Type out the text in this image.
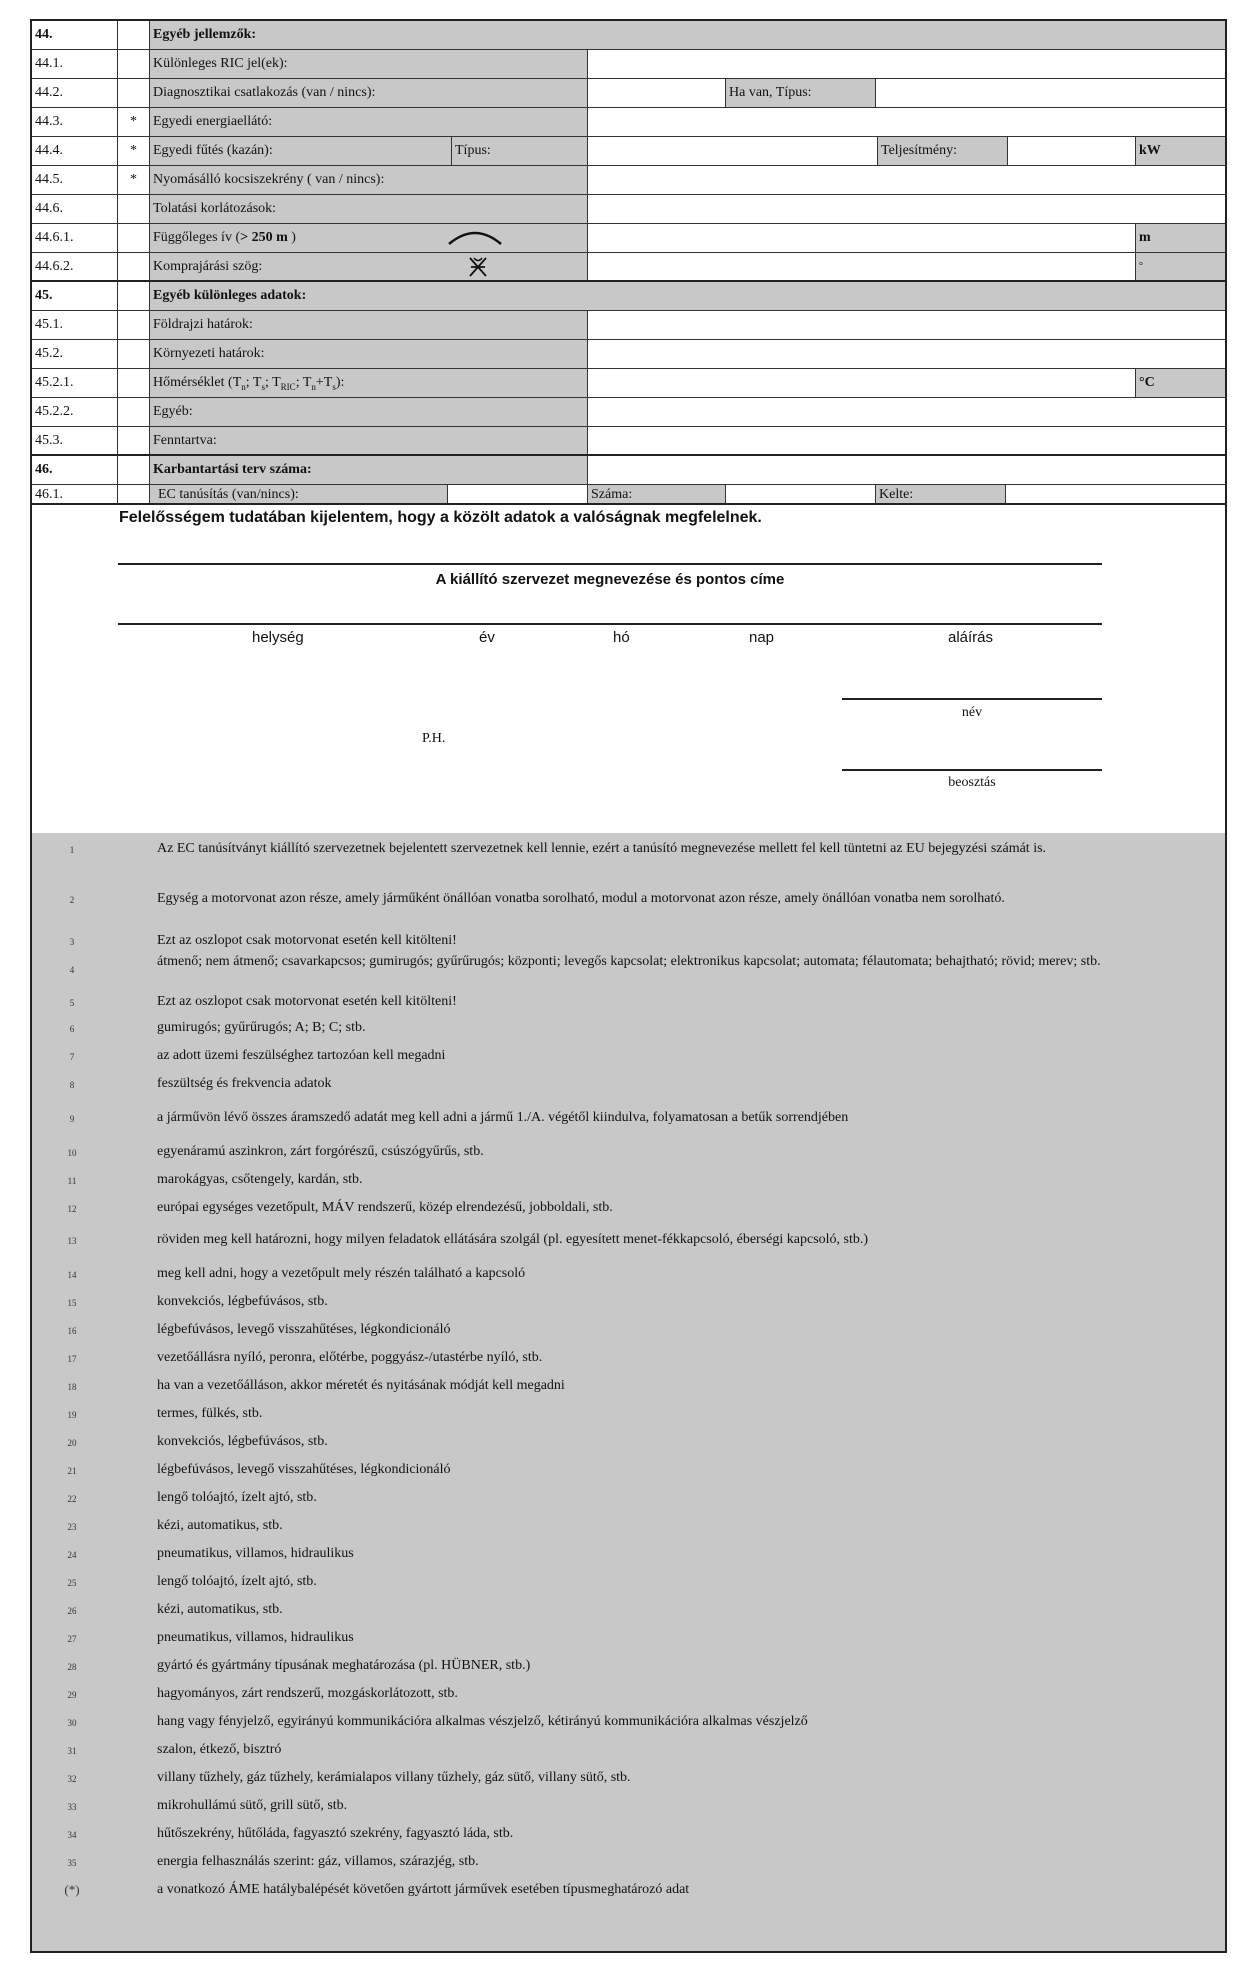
44.	Egyéb jellemzők:
44.1.	Különleges RIC jel(ek):
44.2.	Diagnosztikai csatlakozás (van / nincs):	Ha van, Típus:
44.3.	*	Egyedi energiaellátó:
44.4.	*	Egyedi fűtés (kazán):	Típus:	Teljesítmény:	kW
44.5.	*	Nyomásálló kocsiszekrény ( van / nincs):
44.6.	Tolatási korlátozások:
44.6.1.	Függőleges ív (> 250 m )	m
44.6.2.	Komprajárási szög:	°
45.	Egyéb különleges adatok:
45.1.	Földrajzi határok:
45.2.	Környezeti határok:
45.2.1.	Hőmérséklet ($T_n$; $T_s$; $T_{RIC}$; $T_n+T_s$):	°C
45.2.2.	Egyéb:
45.3.	Fenntartva:
46.	Karbantartási terv száma:
46.1.	EC tanúsítás (van/nincs):	Száma:	Kelte:
Felelősségem tudatában kijelentem, hogy a közölt adatok a valóságnak megfelelnek.
A kiállító szervezet megnevezése és pontos címe
helység	év	hó	nap	aláírás
név
P.H.
beosztás
1	Az EC tanúsítványt kiállító szervezetnek bejelentett szervezetnek kell lennie, ezért a tanúsító megnevezése mellett fel kell tüntetni az EU bejegyzési számát is.
2	Egység a motorvonat azon része, amely járműként önállóan vonatba sorolható, modul a motorvonat azon része, amely önállóan vonatba nem sorolható.
3	Ezt az oszlopot csak motorvonat esetén kell kitölteni!
4
átmenő; nem átmenő; csavarkapcsos; gumirugós; gyűrűrugós; központi; levegős kapcsolat; elektronikus kapcsolat; automata; félautomata; behajtható; rövid; merev; stb.
5	Ezt az oszlopot csak motorvonat esetén kell kitölteni!
6	gumirugós; gyűrűrugós; A; B; C; stb.
7	az adott üzemi feszülséghez tartozóan kell megadni
8	feszültség és frekvencia adatok
9	a járművön lévő összes áramszedő adatát meg kell adni a jármű 1./A. végétől kiindulva, folyamatosan a betűk sorrendjében
10	egyenáramú aszinkron, zárt forgórészű, csúszógyűrűs, stb.
11	marokágyas, csőtengely, kardán, stb.
12	európai egységes vezetőpult, MÁV rendszerű, közép elrendezésű, jobboldali, stb.
13	röviden meg kell határozni, hogy milyen feladatok ellátására szolgál (pl. egyesített menet-fékkapcsoló, éberségi kapcsoló, stb.)
14	meg kell adni, hogy a vezetőpult mely részén található a kapcsoló
15	konvekciós, légbefúvásos, stb.
16	légbefúvásos, levegő visszahűtéses, légkondicionáló
17	vezetőállásra nyíló, peronra, előtérbe, poggyász-/utastérbe nyíló, stb.
18	ha van a vezetőálláson, akkor méretét és nyitásának módját kell megadni
19	termes, fülkés, stb.
20	konvekciós, légbefúvásos, stb.
21	légbefúvásos, levegő visszahűtéses, légkondicionáló
22	lengő tolóajtó, ízelt ajtó, stb.
23	kézi, automatikus, stb.
24	pneumatikus, villamos, hidraulikus
25	lengő tolóajtó, ízelt ajtó, stb.
26	kézi, automatikus, stb.
27	pneumatikus, villamos, hidraulikus
28	gyártó és gyártmány típusának meghatározása (pl. HÜBNER, stb.)
29	hagyományos, zárt rendszerű, mozgáskorlátozott, stb.
30	hang vagy fényjelző, egyirányú kommunikációra alkalmas vészjelző, kétirányú kommunikációra alkalmas vészjelző
31	szalon, étkező, bisztró
32	villany tűzhely, gáz tűzhely, kerámialapos villany tűzhely, gáz sütő, villany sütő, stb.
33	mikrohullámú sütő, grill sütő, stb.
34	hűtőszekrény, hűtőláda, fagyasztó szekrény, fagyasztó láda, stb.
35	energia felhasználás szerint: gáz, villamos, szárazjég, stb.
(*)	a vonatkozó ÁME hatálybalépését követően gyártott járművek esetében típusmeghatározó adat
